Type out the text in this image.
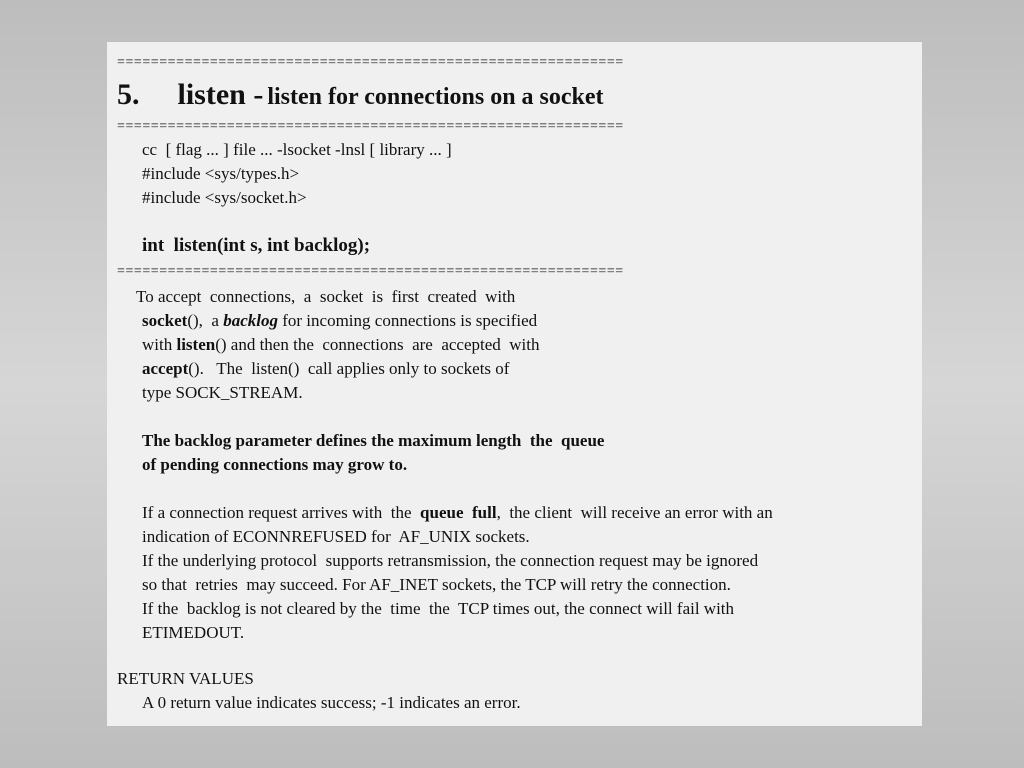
============================================================
5. listen - listen for connections on a socket
============================================================
cc  [ flag ... ] file ... -lsocket -lnsl [ library ... ]
#include <sys/types.h>
#include <sys/socket.h>
int  listen(int s, int backlog);
============================================================
To accept  connections,  a  socket  is  first  created  with
socket(),  a backlog for incoming connections is specified
with listen() and then the  connections  are  accepted  with
accept().   The  listen()  call applies only to sockets of
type SOCK_STREAM.
The backlog parameter defines the maximum length  the  queue
of pending connections may grow to.
If a connection request arrives with  the  queue  full,  the client  will receive an error with an
indication of ECONNREFUSED for  AF_UNIX sockets.
If the underlying protocol  supports retransmission, the connection request may be ignored
so that  retries  may succeed. For AF_INET sockets, the TCP will retry the connection.
If the  backlog is not cleared by the  time  the  TCP times out, the connect will fail with
ETIMEDOUT.
RETURN VALUES
A 0 return value indicates success; -1 indicates an error.
